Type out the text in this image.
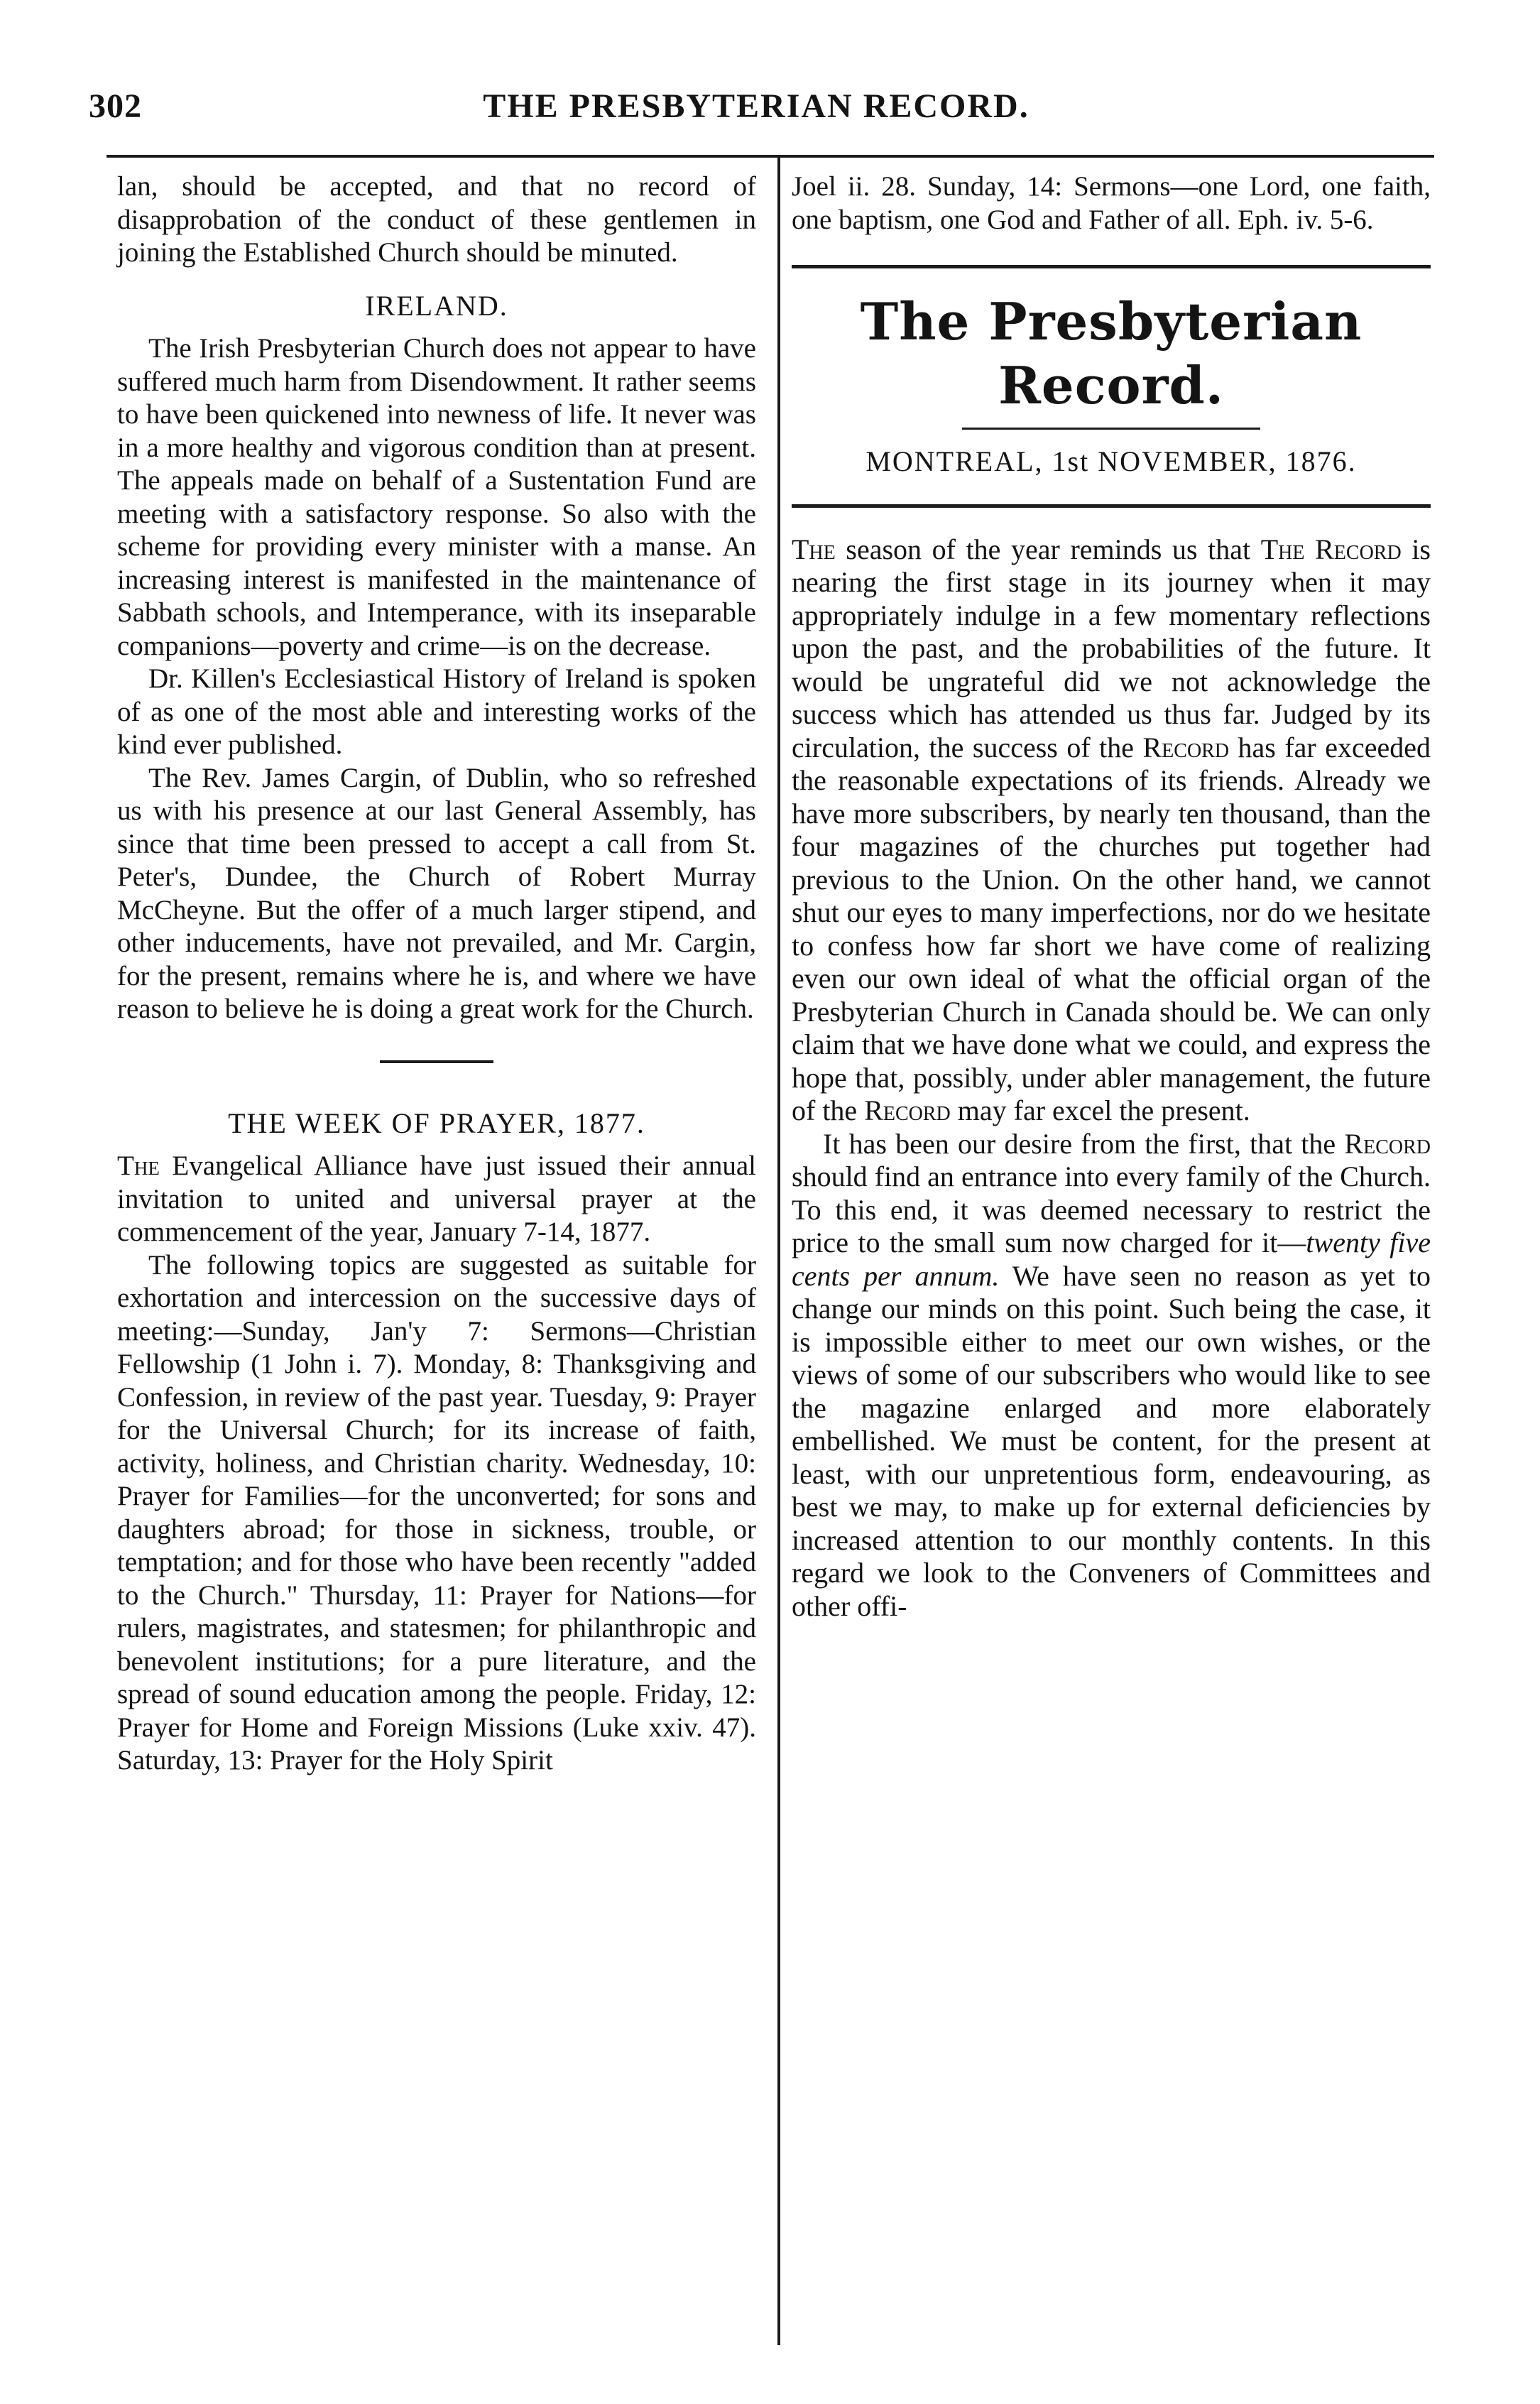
302	THE PRESBYTERIAN RECORD.

lan, should be accepted, and that no record of disapprobation of the conduct of these gentlemen in joining the Established Church should be minuted.

IRELAND.

The Irish Presbyterian Church does not appear to have suffered much harm from Disendowment. It rather seems to have been quickened into newness of life. It never was in a more healthy and vigorous condition than at present. The appeals made on behalf of a Sustentation Fund are meeting with a satisfactory response. So also with the scheme for providing every minister with a manse. An increasing interest is manifested in the maintenance of Sabbath schools, and Intemperance, with its inseparable companions—poverty and crime—is on the decrease.

Dr. Killen's Ecclesiastical History of Ireland is spoken of as one of the most able and interesting works of the kind ever published.

The Rev. James Cargin, of Dublin, who so refreshed us with his presence at our last General Assembly, has since that time been pressed to accept a call from St. Peter's, Dundee, the Church of Robert Murray McCheyne. But the offer of a much larger stipend, and other inducements, have not prevailed, and Mr. Cargin, for the present, remains where he is, and where we have reason to believe he is doing a great work for the Church.

THE WEEK OF PRAYER, 1877.

The Evangelical Alliance have just issued their annual invitation to united and universal prayer at the commencement of the year, January 7-14, 1877.

The following topics are suggested as suitable for exhortation and intercession on the successive days of meeting:—Sunday, Jan'y 7: Sermons—Christian Fellowship (1 John i. 7). Monday, 8: Thanksgiving and Confession, in review of the past year. Tuesday, 9: Prayer for the Universal Church; for its increase of faith, activity, holiness, and Christian charity. Wednesday, 10: Prayer for Families—for the unconverted; for sons and daughters abroad; for those in sickness, trouble, or temptation; and for those who have been recently "added to the Church." Thursday, 11: Prayer for Nations—for rulers, magistrates, and statesmen; for philanthropic and benevolent institutions; for a pure literature, and the spread of sound education among the people. Friday, 12: Prayer for Home and Foreign Missions (Luke xxiv. 47). Saturday, 13: Prayer for the Holy Spirit

Joel ii. 28. Sunday, 14: Sermons—one Lord, one faith, one baptism, one God and Father of all. Eph. iv. 5-6.

The Presbyterian Record.
MONTREAL, 1st NOVEMBER, 1876.

The season of the year reminds us that The Record is nearing the first stage in its journey when it may appropriately indulge in a few momentary reflections upon the past, and the probabilities of the future. It would be ungrateful did we not acknowledge the success which has attended us thus far. Judged by its circulation, the success of the Record has far exceeded the reasonable expectations of its friends. Already we have more subscribers, by nearly ten thousand, than the four magazines of the churches put together had previous to the Union. On the other hand, we cannot shut our eyes to many imperfections, nor do we hesitate to confess how far short we have come of realizing even our own ideal of what the official organ of the Presbyterian Church in Canada should be. We can only claim that we have done what we could, and express the hope that, possibly, under abler management, the future of the Record may far excel the present.

It has been our desire from the first, that the Record should find an entrance into every family of the Church. To this end, it was deemed necessary to restrict the price to the small sum now charged for it—twenty five cents per annum. We have seen no reason as yet to change our minds on this point. Such being the case, it is impossible either to meet our own wishes, or the views of some of our subscribers who would like to see the magazine enlarged and more elaborately embellished. We must be content, for the present at least, with our unpretentious form, endeavouring, as best we may, to make up for external deficiencies by increased attention to our monthly contents. In this regard we look to the Conveners of Committees and other offi-
